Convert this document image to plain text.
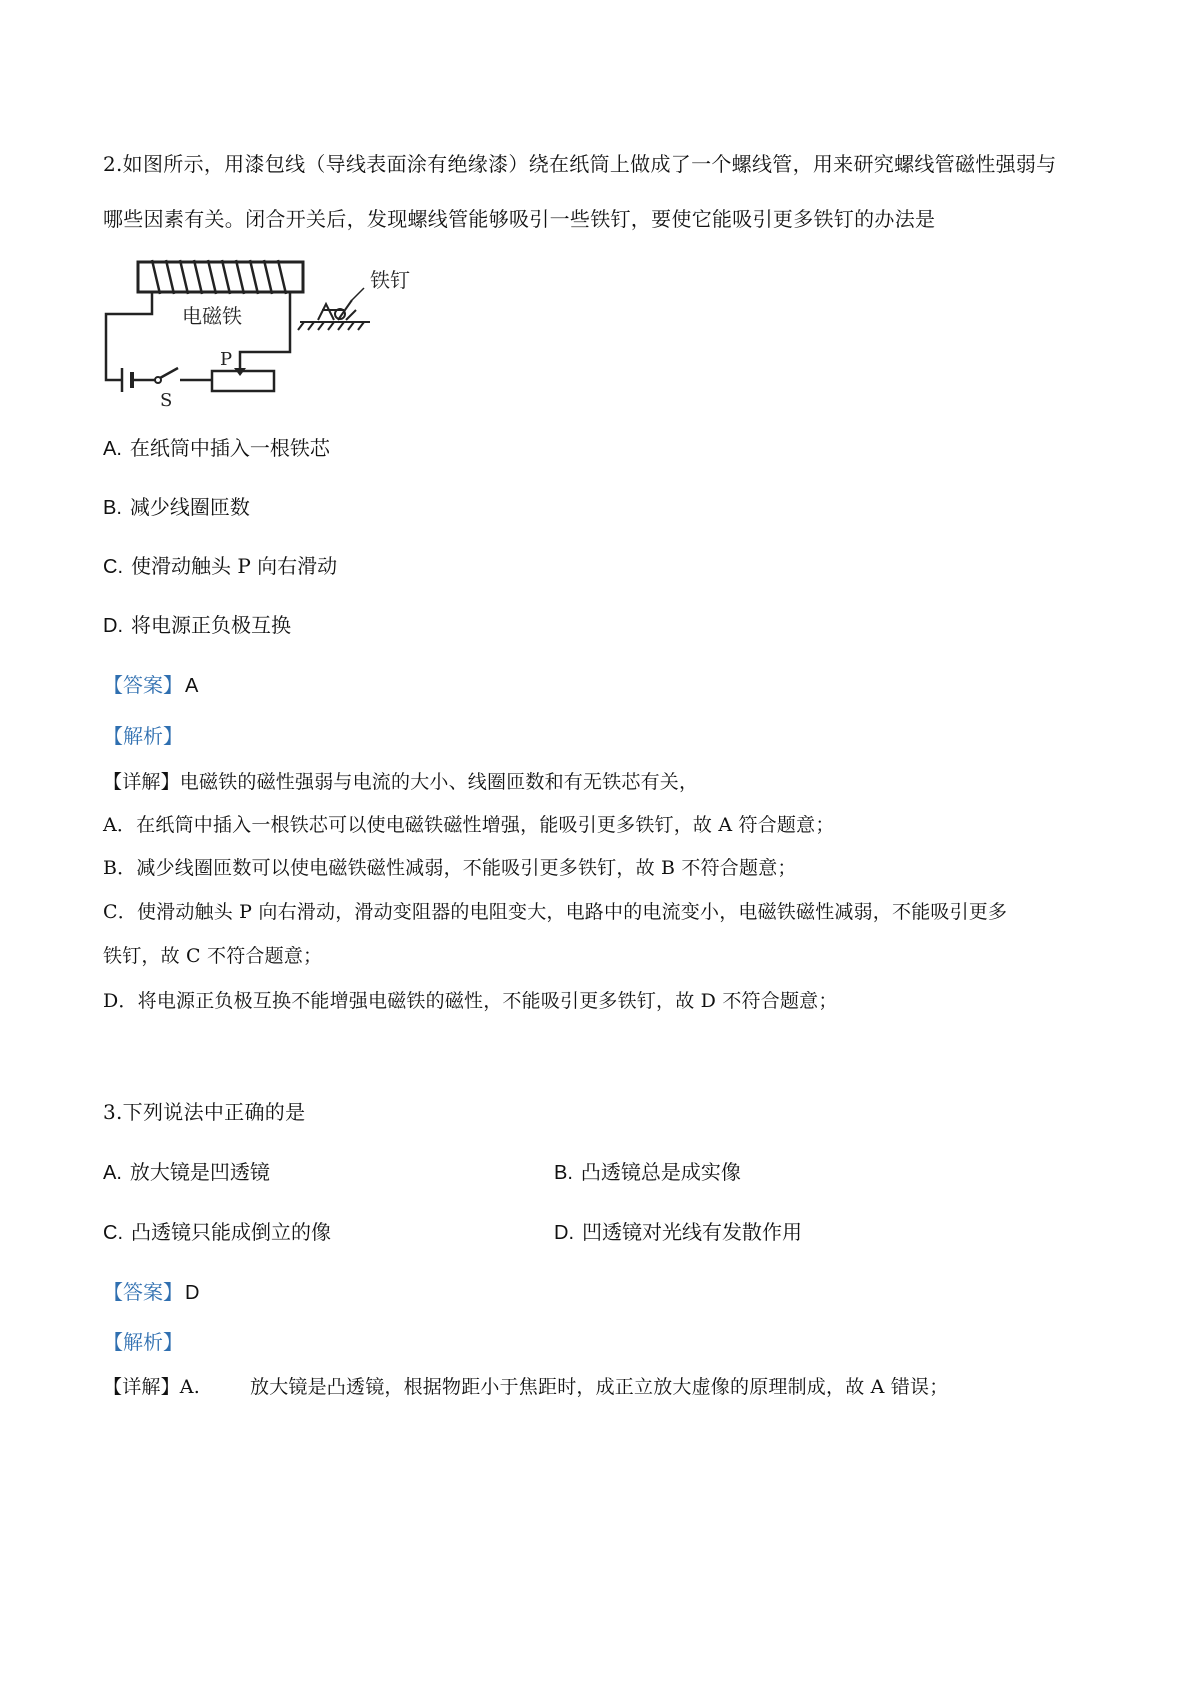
2.如图所示，用漆包线（导线表面涂有绝缘漆）绕在纸筒上做成了一个螺线管，用来研究螺线管磁性强弱与
哪些因素有关。闭合开关后，发现螺线管能够吸引一些铁钉，要使它能吸引更多铁钉的办法是
电磁铁
铁钉
P
S
A. 在纸筒中插入一根铁芯
B. 减少线圈匝数
C. 使滑动触头 P 向右滑动
D. 将电源正负极互换
【答案】 A
【解析】
【详解】电磁铁的磁性强弱与电流的大小、线圈匝数和有无铁芯有关，
A．在纸筒中插入一根铁芯可以使电磁铁磁性增强，能吸引更多铁钉，故 A 符合题意；
B．减少线圈匝数可以使电磁铁磁性减弱，不能吸引更多铁钉，故 B 不符合题意；
C．使滑动触头 P 向右滑动，滑动变阻器的电阻变大，电路中的电流变小，电磁铁磁性减弱，不能吸引更多
铁钉，故 C 不符合题意；
D．将电源正负极互换不能增强电磁铁的磁性，不能吸引更多铁钉，故 D 不符合题意；
3.下列说法中正确的是
A. 放大镜是凹透镜	B. 凸透镜总是成实像
C. 凸透镜只能成倒立的像	D. 凹透镜对光线有发散作用
【答案】 D
【解析】
【详解】A.	放大镜是凸透镜，根据物距小于焦距时，成正立放大虚像的原理制成，故 A 错误；
